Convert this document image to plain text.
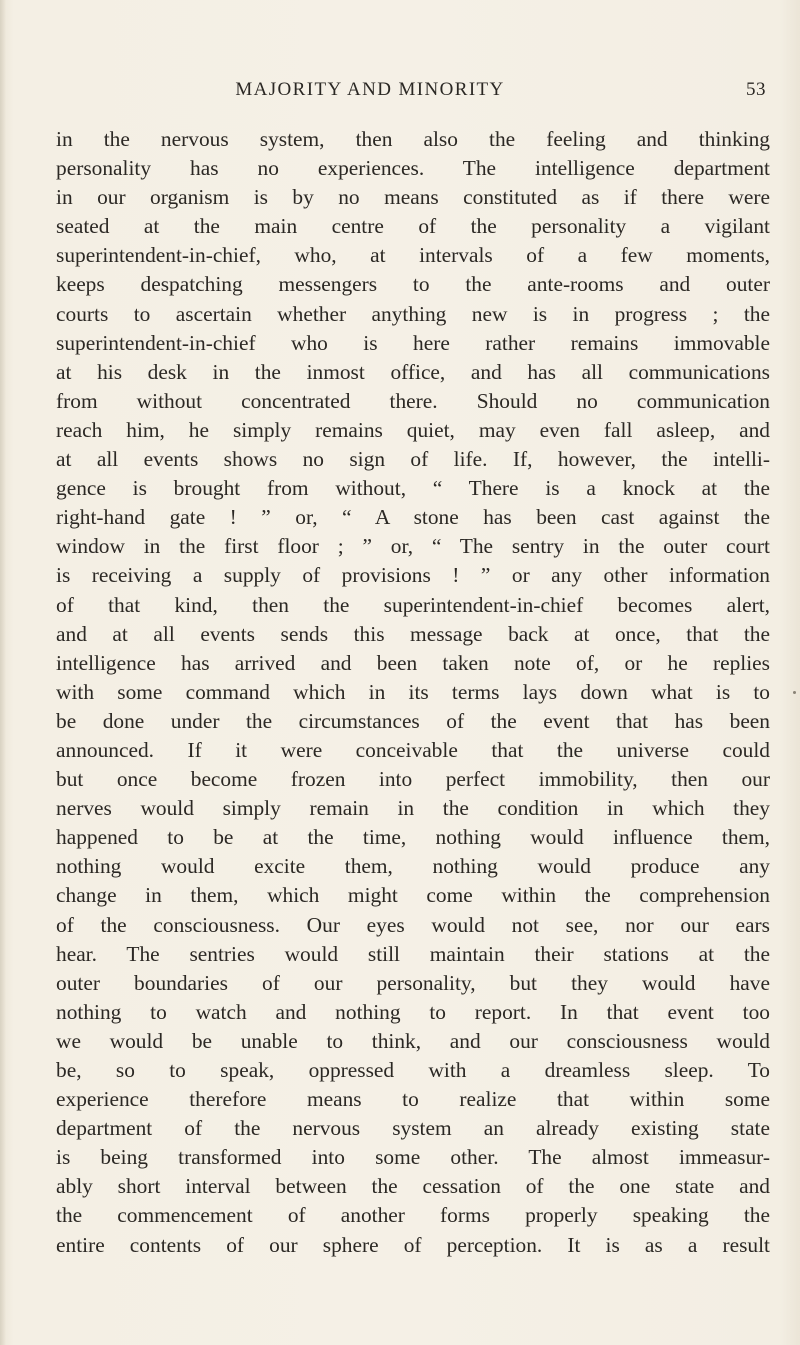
MAJORITY AND MINORITY	53
in the nervous system, then also the feeling and thinking
personality has no experiences. The intelligence department
in our organism is by no means constituted as if there were
seated at the main centre of the personality a vigilant
superintendent-in-chief, who, at intervals of a few moments,
keeps despatching messengers to the ante-rooms and outer
courts to ascertain whether anything new is in progress ; the
superintendent-in-chief who is here rather remains immovable
at his desk in the inmost office, and has all communications
from without concentrated there. Should no communication
reach him, he simply remains quiet, may even fall asleep, and
at all events shows no sign of life. If, however, the intelli-
gence is brought from without, “ There is a knock at the
right-hand gate ! ” or, “ A stone has been cast against the
window in the first floor ; ” or, “ The sentry in the outer court
is receiving a supply of provisions ! ” or any other information
of that kind, then the superintendent-in-chief becomes alert,
and at all events sends this message back at once, that the
intelligence has arrived and been taken note of, or he replies
with some command which in its terms lays down what is to
be done under the circumstances of the event that has been
announced. If it were conceivable that the universe could
but once become frozen into perfect immobility, then our
nerves would simply remain in the condition in which they
happened to be at the time, nothing would influence them,
nothing would excite them, nothing would produce any
change in them, which might come within the comprehension
of the consciousness. Our eyes would not see, nor our ears
hear. The sentries would still maintain their stations at the
outer boundaries of our personality, but they would have
nothing to watch and nothing to report. In that event too
we would be unable to think, and our consciousness would
be, so to speak, oppressed with a dreamless sleep. To
experience therefore means to realize that within some
department of the nervous system an already existing state
is being transformed into some other. The almost immeasur-
ably short interval between the cessation of the one state and
the commencement of another forms properly speaking the
entire contents of our sphere of perception. It is as a result
